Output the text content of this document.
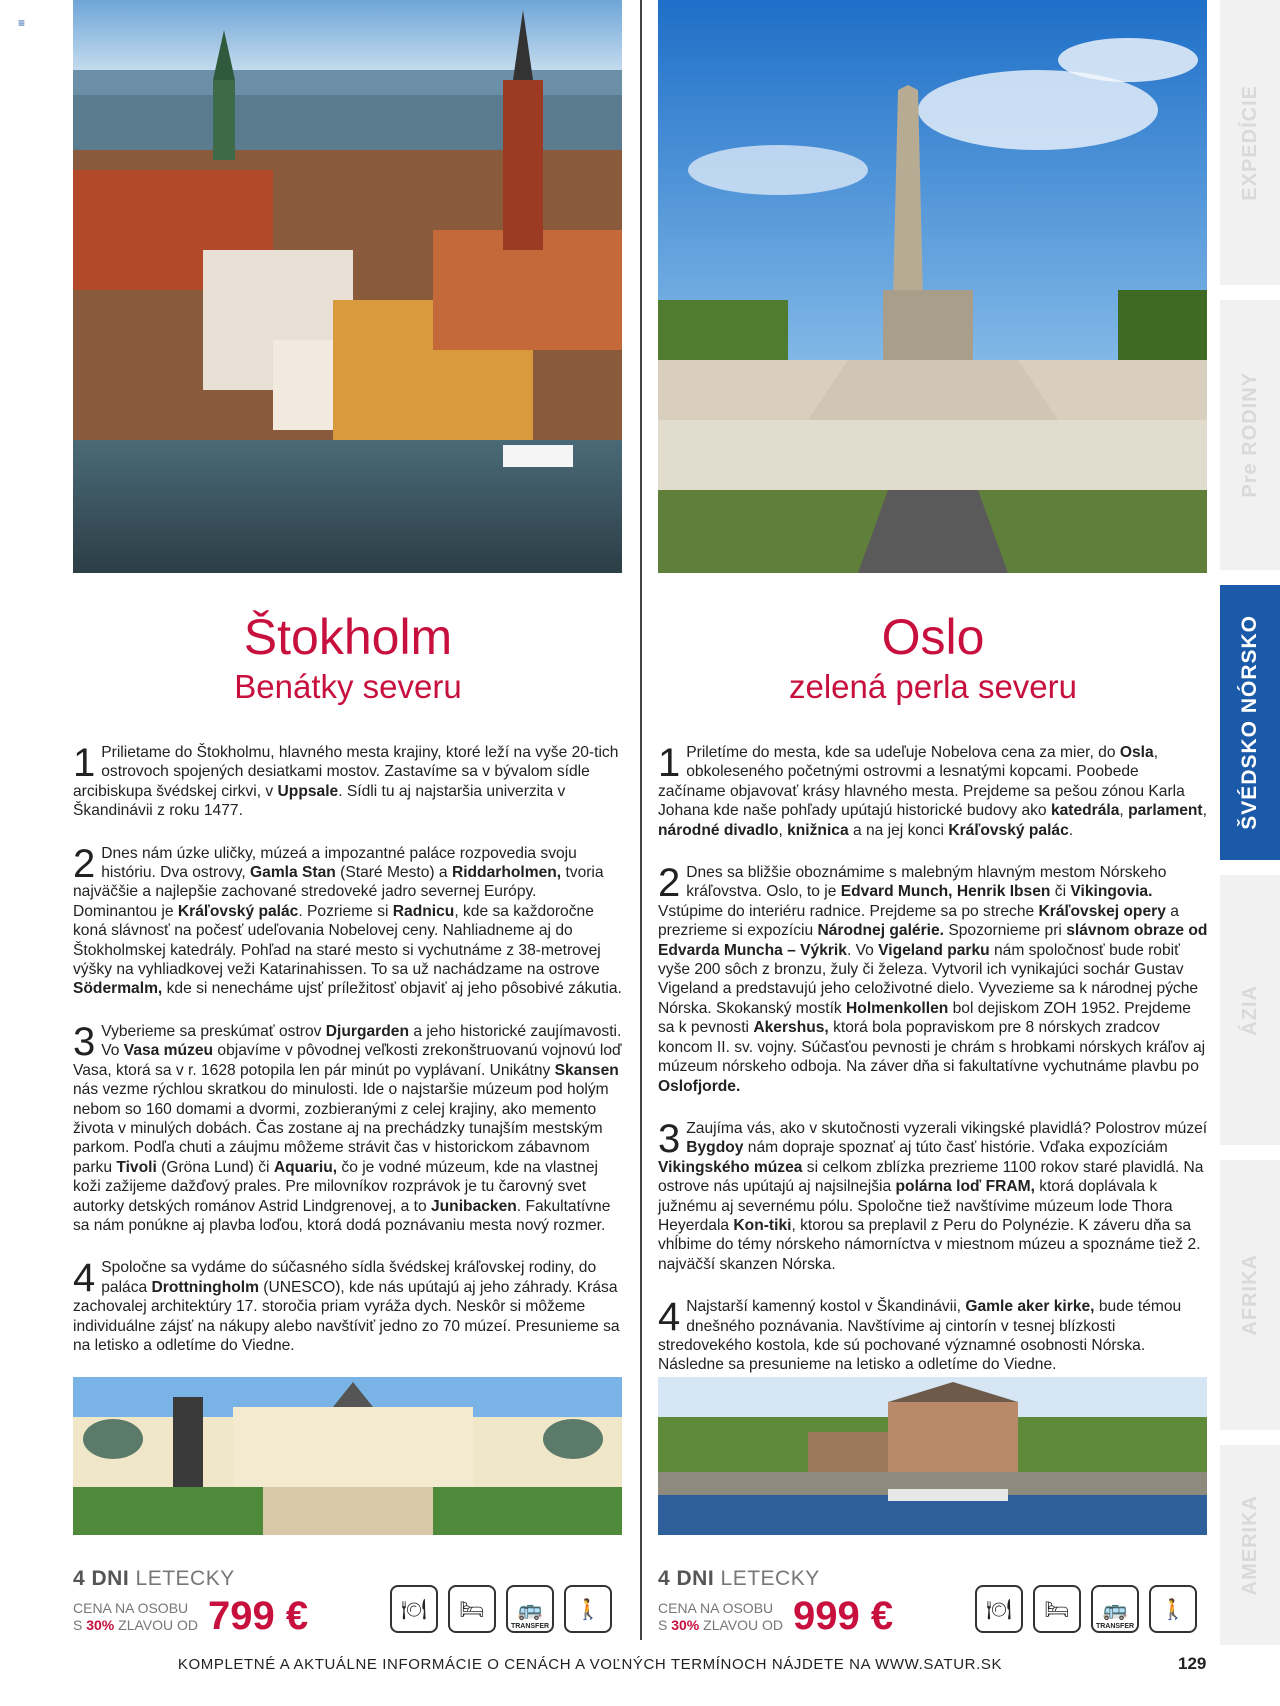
≡
Štokholm
Benátky severu
Oslo
zelená perla severu

1 Prilietame do Štokholmu, hlavného mesta krajiny, ktoré leží na vyše 20-tich ostrovoch spojených desiatkami mostov. Zastavíme sa v bývalom sídle arcibiskupa švédskej cirkvi, v Uppsale. Sídli tu aj najstaršia univerzita v Škandinávii z roku 1477.

2 Dnes nám úzke uličky, múzeá a impozantné paláce rozpovedia svoju históriu. Dva ostrovy, Gamla Stan (Staré Mesto) a Riddarholmen, tvoria najväčšie a najlepšie zachované stredoveké jadro severnej Európy. Dominantou je Kráľovský palác. Pozrieme si Radnicu, kde sa každoročne koná slávnosť na počesť udeľovania Nobelovej ceny. Nahliadneme aj do Štokholmskej katedrály. Pohľad na staré mesto si vychutnáme z 38-metrovej výšky na vyhliadkovej veži Katarinahissen. To sa už nachádzame na ostrove Södermalm, kde si nenecháme ujsť príležitosť objaviť aj jeho pôsobivé zákutia.

3 Vyberieme sa preskúmať ostrov Djurgarden a jeho historické zaujímavosti. Vo Vasa múzeu objavíme v pôvodnej veľkosti zrekonštruovanú vojnovú loď Vasa, ktorá sa v r. 1628 potopila len pár minút po vyplávaní. Unikátny Skansen nás vezme rýchlou skratkou do minulosti. Ide o najstaršie múzeum pod holým nebom so 160 domami a dvormi, zozbieranými z celej krajiny, ako memento života v minulých dobách. Čas zostane aj na prechádzky tunajším mestským parkom. Podľa chuti a záujmu môžeme strávit čas v historickom zábavnom parku Tivoli (Gröna Lund) či Aquariu, čo je vodné múzeum, kde na vlastnej koži zažijeme dažďový prales. Pre milovníkov rozprávok je tu čarovný svet autorky detských románov Astrid Lindgrenovej, a to Junibacken. Fakultatívne sa nám ponúkne aj plavba loďou, ktorá dodá poznávaniu mesta nový rozmer.

4 Spoločne sa vydáme do súčasného sídla švédskej kráľovskej rodiny, do paláca Drottningholm (UNESCO), kde nás upútajú aj jeho záhrady. Krása zachovalej architektúry 17. storočia priam vyráža dych. Neskôr si môžeme individuálne zájsť na nákupy alebo navštíviť jedno zo 70 múzeí. Presunieme sa na letisko a odletíme do Viedne.

1 Priletíme do mesta, kde sa udeľuje Nobelova cena za mier, do Osla, obkoleseného početnými ostrovmi a lesnatými kopcami. Poobede začíname objavovať krásy hlavného mesta. Prejdeme sa pešou zónou Karla Johana kde naše pohľady upútajú historické budovy ako katedrála, parlament, národné divadlo, knižnica a na jej konci Kráľovský palác.

2 Dnes sa bližšie oboznámime s malebným hlavným mestom Nórskeho kráľovstva. Oslo, to je Edvard Munch, Henrik Ibsen či Vikingovia. Vstúpime do interiéru radnice. Prejdeme sa po streche Kráľovskej opery a prezrieme si expozíciu Národnej galérie. Spozornieme pri slávnom obraze od Edvarda Muncha – Výkrik. Vo Vigeland parku nám spoločnosť bude robiť vyše 200 sôch z bronzu, žuly či železa. Vytvoril ich vynikajúci sochár Gustav Vigeland a predstavujú jeho celoživotné dielo. Vyvezieme sa k národnej pýche Nórska. Skokanský mostík Holmenkollen bol dejiskom ZOH 1952. Prejdeme sa k pevnosti Akershus, ktorá bola popraviskom pre 8 nórskych zradcov koncom II. sv. vojny. Súčasťou pevnosti je chrám s hrobkami nórskych kráľov aj múzeum nórskeho odboja. Na záver dňa si fakultatívne vychutnáme plavbu po Oslofjorde.

3 Zaujíma vás, ako v skutočnosti vyzerali vikingské plavidlá? Polostrov múzeí Bygdoy nám dopraje spoznať aj túto časť histórie. Vďaka expozíciám Vikingského múzea si celkom zblízka prezrieme 1100 rokov staré plavidlá. Na ostrove nás upútajú aj najsilnejšia polárna loď FRAM, ktorá doplávala k južnému aj severnému pólu. Spoločne tiež navštívime múzeum lode Thora Heyerdala Kon-tiki, ktorou sa preplavil z Peru do Polynézie. K záveru dňa sa vhĺbime do témy nórskeho námorníctva v miestnom múzeu a spoznáme tiež 2. najväčší skanzen Nórska.

4 Najstarší kamenný kostol v Škandinávii, Gamle aker kirke, bude témou dnešného poznávania. Navštívime aj cintorín v tesnej blízkosti stredovekého kostola, kde sú pochované významné osobnosti Nórska. Následne sa presunieme na letisko a odletíme do Viedne.

4 DNI LETECKY
CENA NA OSOBU
S 30% ZLAVOU OD 799 €	🍽 🛏 🚌
TRANSFER
🚶
4 DNI LETECKY
CENA NA OSOBU
S 30% ZLAVOU OD 999 €	🍽 🛏 🚌
TRANSFER
🚶
KOMPLETNÉ A AKTUÁLNE INFORMÁCIE O CENÁCH A VOĽNÝCH TERMÍNOCH NÁJDETE NA WWW.SATUR.SK	129
EXPEDÍCIE
Pre RODINY
ŠVÉDSKO NÓRSKO
ÁZIA
AFRIKA
AMERIKA
